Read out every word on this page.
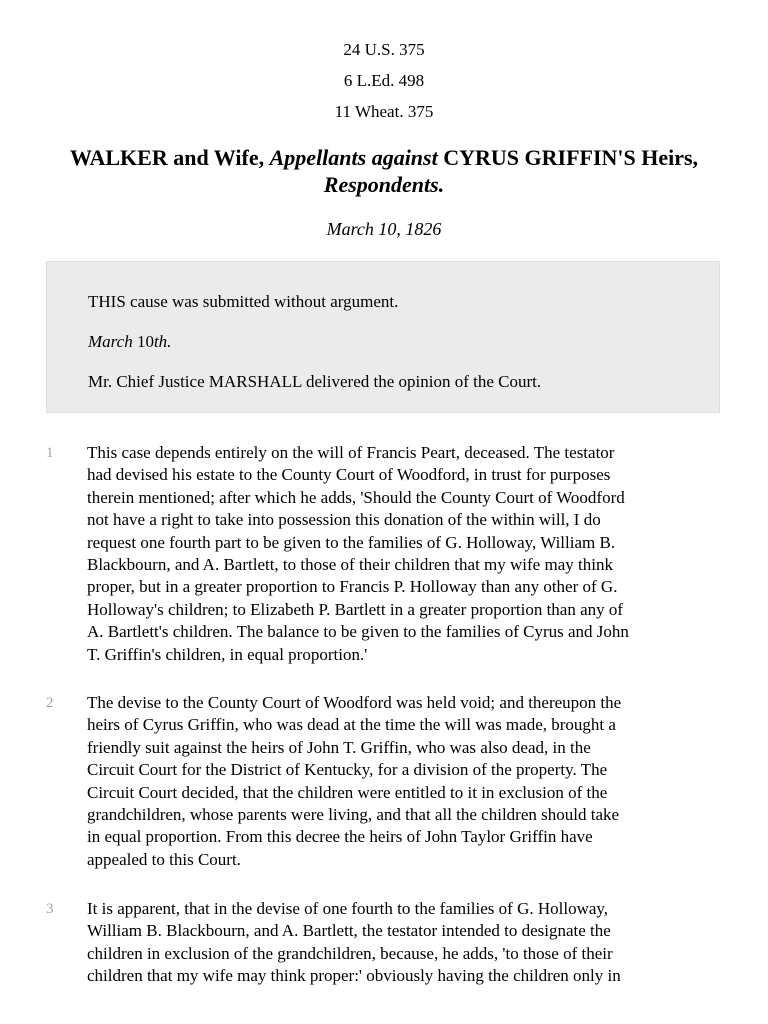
24 U.S. 375
6 L.Ed. 498
11 Wheat. 375
WALKER and Wife, Appellants against CYRUS GRIFFIN'S Heirs, Respondents.
March 10, 1826

THIS cause was submitted without argument.

March 10th.

Mr. Chief Justice MARSHALL delivered the opinion of the Court.

1 This case depends entirely on the will of Francis Peart, deceased. The testator
had devised his estate to the County Court of Woodford, in trust for purposes
therein mentioned; after which he adds, 'Should the County Court of Woodford
not have a right to take into possession this donation of the within will, I do
request one fourth part to be given to the families of G. Holloway, William B.
Blackbourn, and A. Bartlett, to those of their children that my wife may think
proper, but in a greater proportion to Francis P. Holloway than any other of G.
Holloway's children; to Elizabeth P. Bartlett in a greater proportion than any of
A. Bartlett's children. The balance to be given to the families of Cyrus and John
T. Griffin's children, in equal proportion.'
2 The devise to the County Court of Woodford was held void; and thereupon the
heirs of Cyrus Griffin, who was dead at the time the will was made, brought a
friendly suit against the heirs of John T. Griffin, who was also dead, in the
Circuit Court for the District of Kentucky, for a division of the property. The
Circuit Court decided, that the children were entitled to it in exclusion of the
grandchildren, whose parents were living, and that all the children should take
in equal proportion. From this decree the heirs of John Taylor Griffin have
appealed to this Court.
3 It is apparent, that in the devise of one fourth to the families of G. Holloway,
William B. Blackbourn, and A. Bartlett, the testator intended to designate the
children in exclusion of the grandchildren, because, he adds, 'to those of their
children that my wife may think proper:' obviously having the children only in
